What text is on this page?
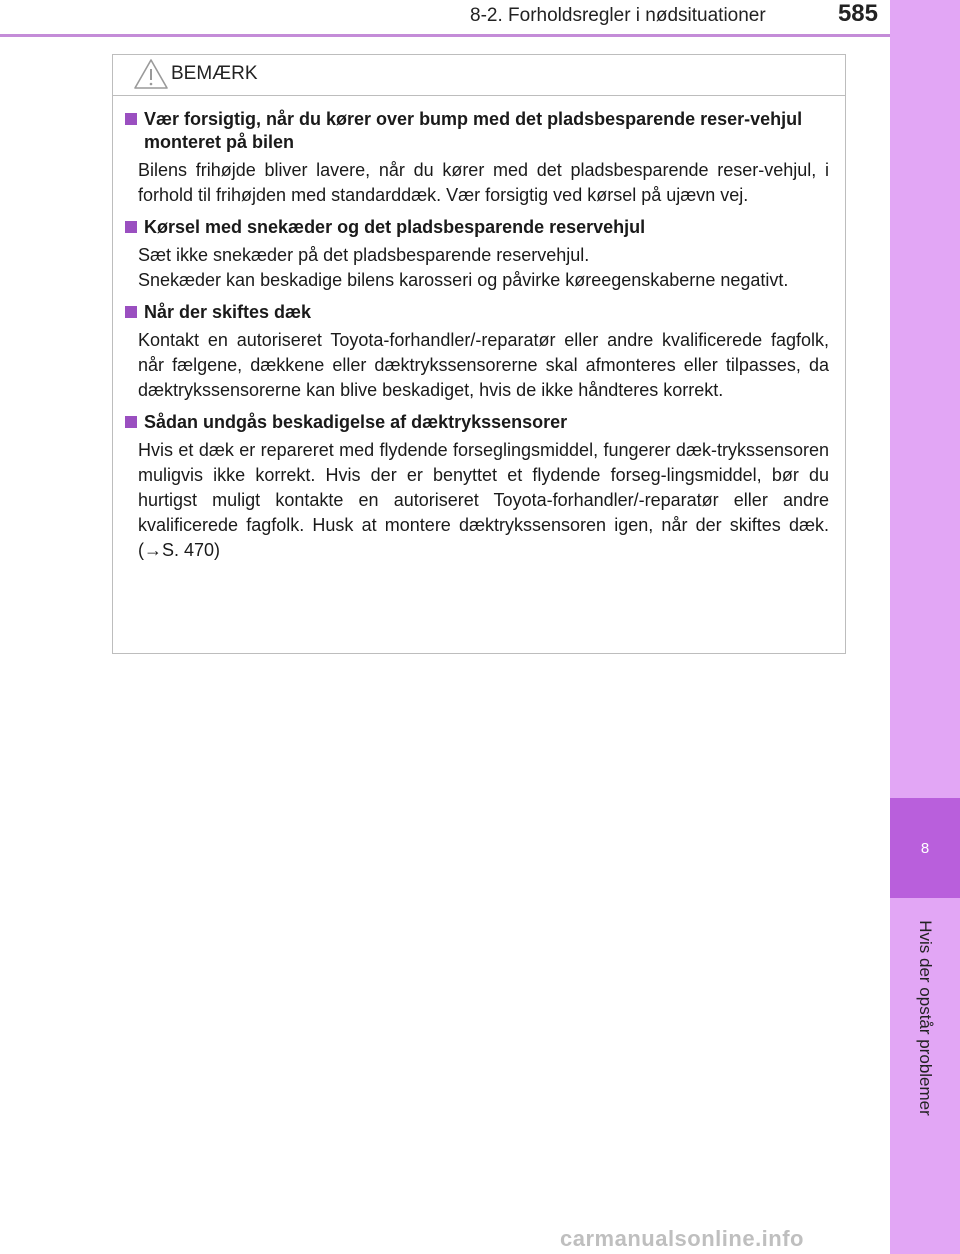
8-2. Forholdsregler i nødsituationer	585
8
Hvis der opstår problemer
BEMÆRK
Vær forsigtig, når du kører over bump med det pladsbesparende reser-vehjul monteret på bilen

Bilens frihøjde bliver lavere, når du kører med det pladsbesparende reser-vehjul, i forhold til frihøjden med standarddæk. Vær forsigtig ved kørsel på ujævn vej.

Kørsel med snekæder og det pladsbesparende reservehjul

Sæt ikke snekæder på det pladsbesparende reservehjul.

Snekæder kan beskadige bilens karosseri og påvirke køreegenskaberne negativt.

Når der skiftes dæk

Kontakt en autoriseret Toyota-forhandler/-reparatør eller andre kvalificerede fagfolk, når fælgene, dækkene eller dæktrykssensorerne skal afmonteres eller tilpasses, da dæktrykssensorerne kan blive beskadiget, hvis de ikke håndteres korrekt.

Sådan undgås beskadigelse af dæktrykssensorer

Hvis et dæk er repareret med flydende forseglingsmiddel, fungerer dæk-trykssensoren muligvis ikke korrekt. Hvis der er benyttet et flydende forseg-lingsmiddel, bør du hurtigst muligt kontakte en autoriseret Toyota-forhandler/-reparatør eller andre kvalificerede fagfolk. Husk at montere dæktrykssensoren igen, når der skiftes dæk. (→S. 470)

carmanualsonline.info
